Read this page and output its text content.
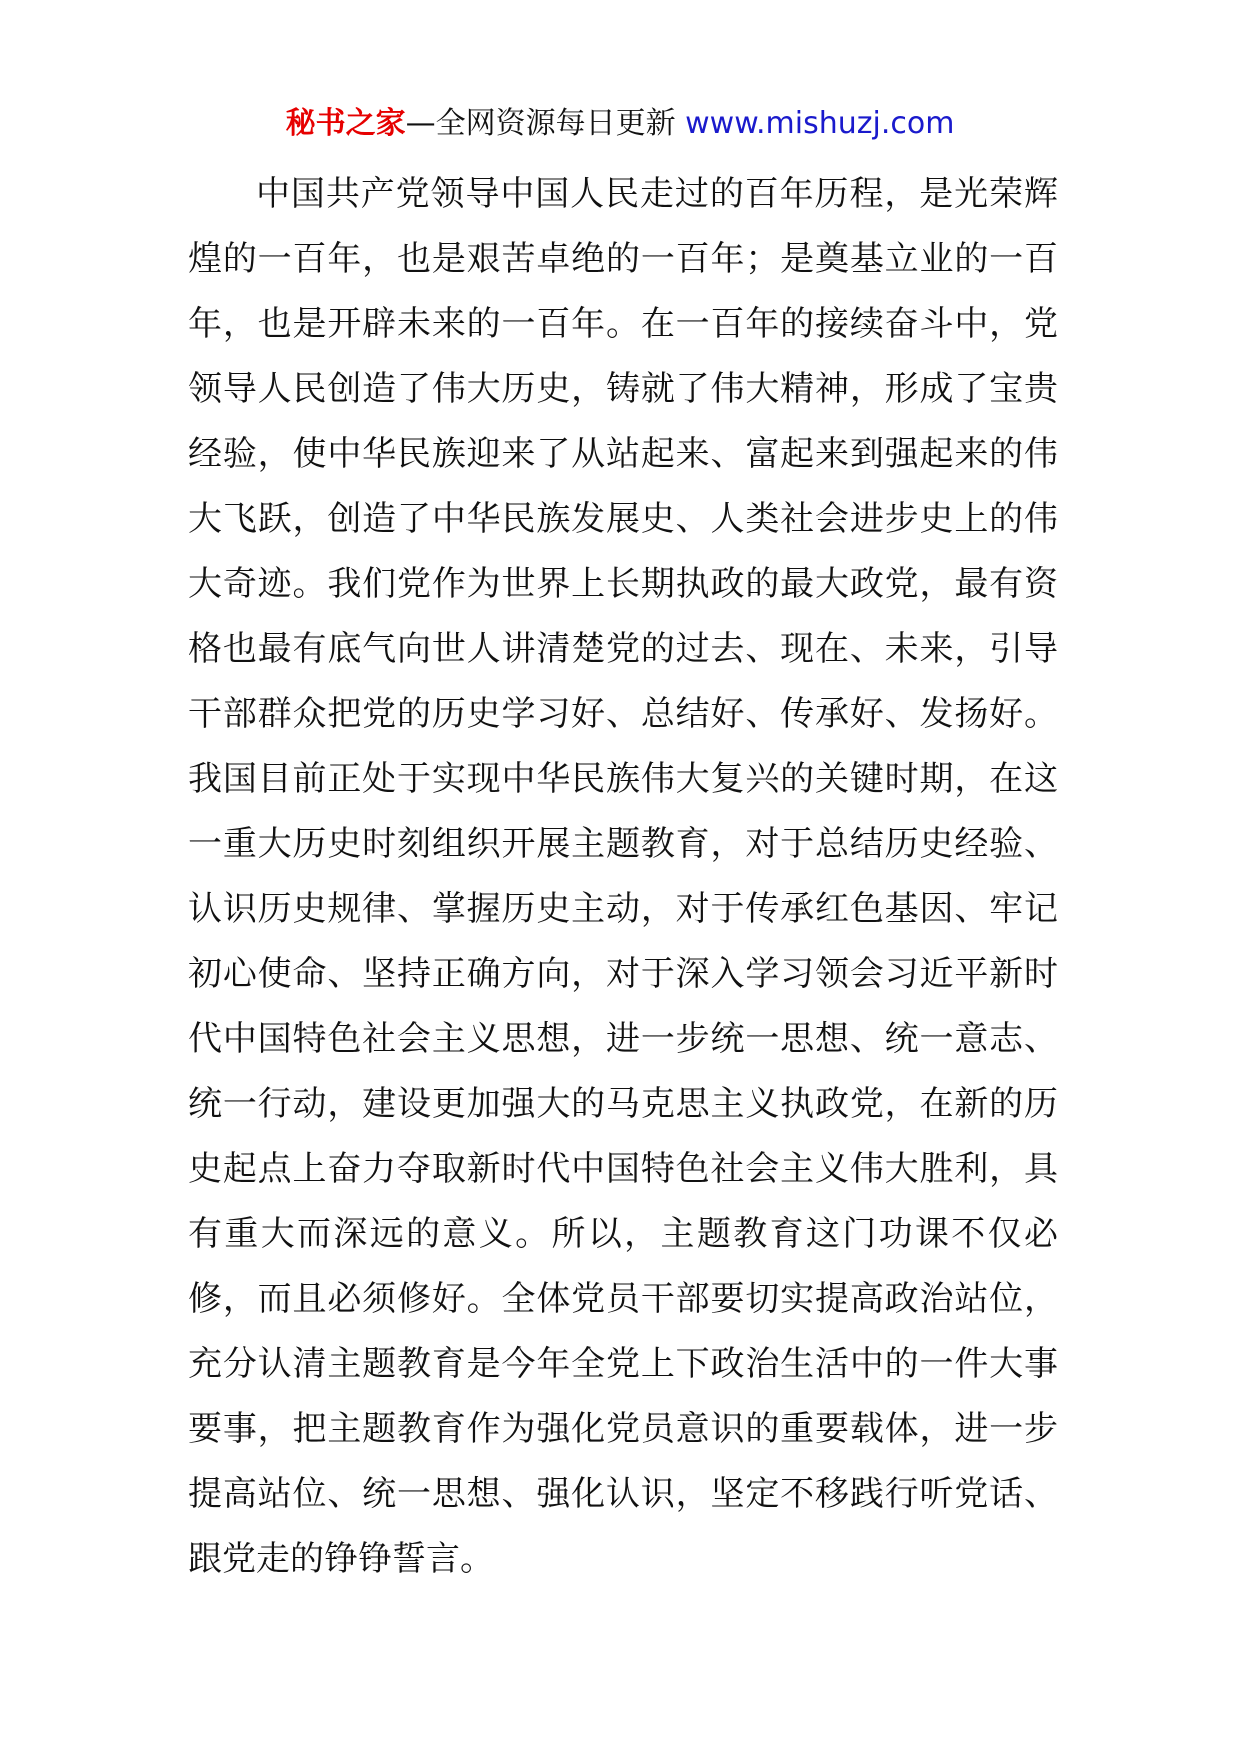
秘书之家—全网资源每日更新 www.mishuzj.com

中国共产党领导中国人民走过的百年历程，是光荣辉煌的一百年，也是艰苦卓绝的一百年；是奠基立业的一百年，也是开辟未来的一百年。在一百年的接续奋斗中，党领导人民创造了伟大历史，铸就了伟大精神，形成了宝贵经验，使中华民族迎来了从站起来、富起来到强起来的伟大飞跃，创造了中华民族发展史、人类社会进步史上的伟大奇迹。我们党作为世界上长期执政的最大政党，最有资格也最有底气向世人讲清楚党的过去、现在、未来，引导干部群众把党的历史学习好、总结好、传承好、发扬好。我国目前正处于实现中华民族伟大复兴的关键时期，在这一重大历史时刻组织开展主题教育，对于总结历史经验、认识历史规律、掌握历史主动，对于传承红色基因、牢记初心使命、坚持正确方向，对于深入学习领会习近平新时代中国特色社会主义思想，进一步统一思想、统一意志、统一行动，建设更加强大的马克思主义执政党，在新的历史起点上奋力夺取新时代中国特色社会主义伟大胜利，具有重大而深远的意义。所以，主题教育这门功课不仅必修，而且必须修好。全体党员干部要切实提高政治站位，充分认清主题教育是今年全党上下政治生活中的一件大事要事，把主题教育作为强化党员意识的重要载体，进一步提高站位、统一思想、强化认识，坚定不移践行听党话、跟党走的铮铮誓言。
